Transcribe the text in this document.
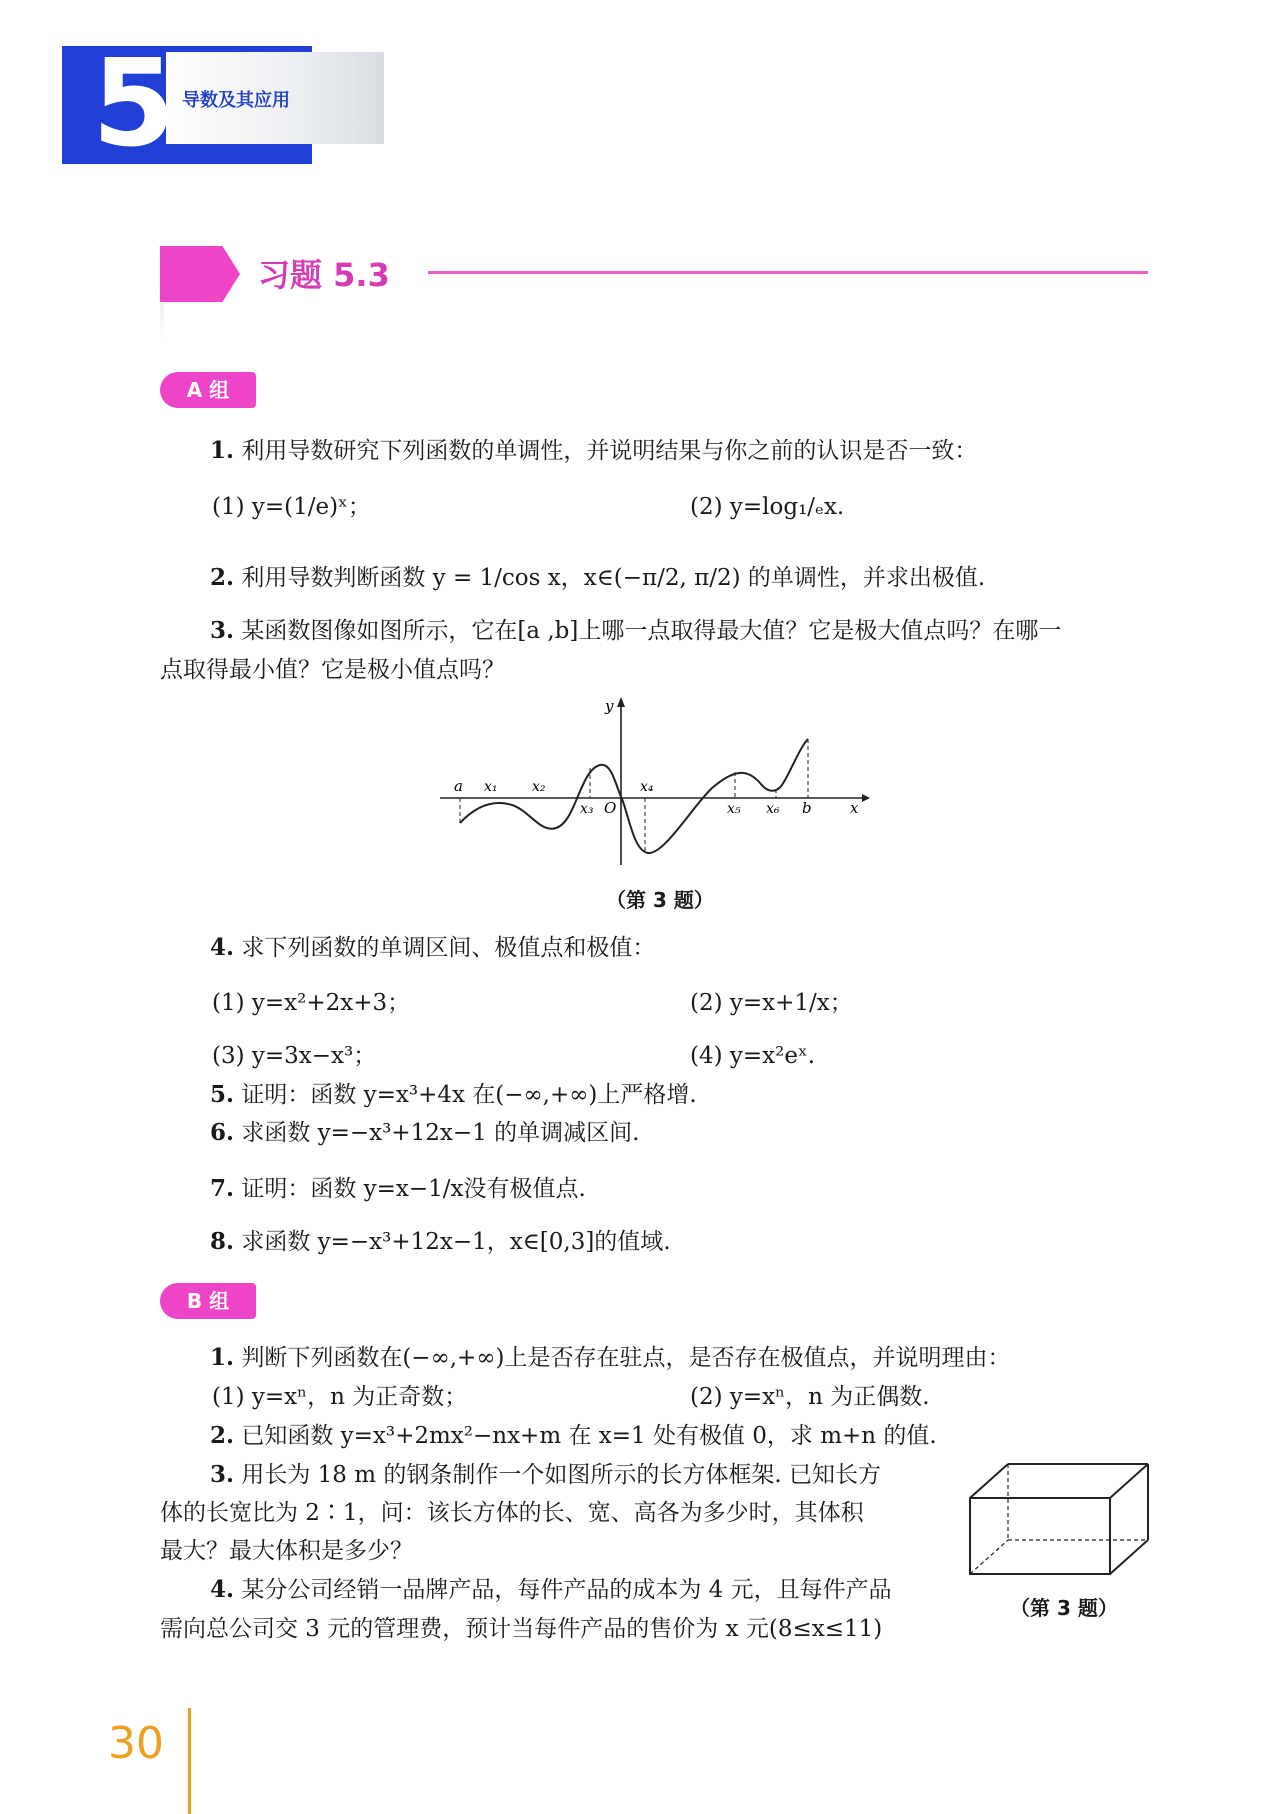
5 导数及其应用
习题 5.3
A 组
1. 利用导数研究下列函数的单调性，并说明结果与你之前的认识是否一致：
(1) y=(1/e)ˣ；	(2) y=log₁/ₑx.
2. 利用导数判断函数 y = 1/cos x，x∈(−π/2, π/2) 的单调性，并求出极值.
3. 某函数图像如图所示，它在[a ,b]上哪一点取得最大值？它是极大值点吗？在哪一
点取得最小值？它是极小值点吗？
y
a x₁ x₂
x₃ O
x₄
x₅ x₆ b	x
（第 3 题）
4. 求下列函数的单调区间、极值点和极值：
(1) y=x²+2x+3；	(2) y=x+1/x；
(3) y=3x−x³；	(4) y=x²eˣ.
5. 证明：函数 y=x³+4x 在(−∞,+∞)上严格增.
6. 求函数 y=−x³+12x−1 的单调减区间.
7. 证明：函数 y=x−1/x没有极值点.
8. 求函数 y=−x³+12x−1，x∈[0,3]的值域.
B 组
1. 判断下列函数在(−∞,+∞)上是否存在驻点，是否存在极值点，并说明理由：
(1) y=xⁿ，n 为正奇数；	(2) y=xⁿ，n 为正偶数.
2. 已知函数 y=x³+2mx²−nx+m 在 x=1 处有极值 0，求 m+n 的值.
3. 用长为 18 m 的钢条制作一个如图所示的长方体框架. 已知长方
体的长宽比为 2∶1，问：该长方体的长、宽、高各为多少时，其体积
最大？最大体积是多少？
（第 3 题）
4. 某分公司经销一品牌产品，每件产品的成本为 4 元，且每件产品
需向总公司交 3 元的管理费，预计当每件产品的售价为 x 元(8≤x≤11)
30
